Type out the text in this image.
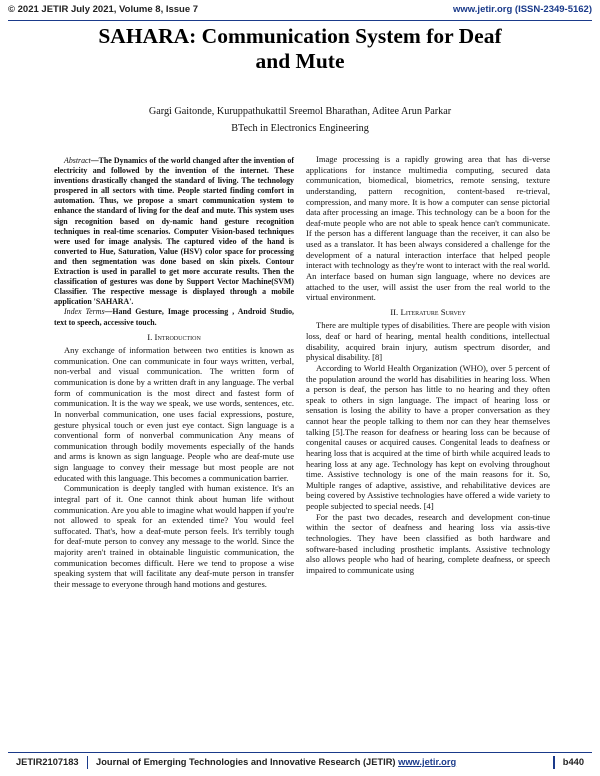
© 2021 JETIR July 2021, Volume 8, Issue 7	www.jetir.org (ISSN-2349-5162)
SAHARA: Communication System for Deaf
and Mute
Gargi Gaitonde, Kuruppathukattil Sreemol Bharathan, Aditee Arun Parkar
BTech in Electronics Engineering

Abstract—The Dynamics of the world changed after the invention of electricity and followed by the invention of the internet. These inventions drastically changed the standard of living. The technology prospered in all sectors with time. People started finding comfort in automation. Thus, we propose a smart communication system to enhance the standard of living for the deaf and mute. This system uses sign recognition based on dy-namic hand gesture recognition techniques in real-time scenarios. Computer Vision-based techniques were used for image analysis. The captured video of the hand is converted to Hue, Saturation, Value (HSV) color space for processing and then segmentation was done based on skin pixels. Contour Extraction is used in parallel to get more accurate results. Then the classification of gestures was done by Support Vector Machine(SVM) Classifier. The respective message is displayed through a mobile application 'SAHARA'.

Index Terms—Hand Gesture, Image processing , Android Studio, text to speech, accessive touch.

I. Introduction

Any exchange of information between two entities is known as communication. One can communicate in four ways written, verbal, non-verbal and visual communication. The written form of communication is done by a written draft in any language. The verbal form of communication is the most direct and fastest form of communication. It is the way we speak, we use words, sentences, etc. In nonverbal communication, one uses facial expressions, posture, gesture physical touch or even just eye contact. Sign language is a conventional form of nonverbal communication Any means of communication through bodily movements especially of the hands and arms is known as sign language. People who are deaf-mute use sign language to convey their message but most people are not educated with this language. This becomes a communication barrier.

Communication is deeply tangled with human existence. It's an integral part of it. One cannot think about human life without communication. Are you able to imagine what would happen if you're not allowed to speak for an extended time? You would feel suffocated. That's, how a deaf-mute person feels. It's terribly tough for deaf-mute person to convey any message to the world. Since the majority aren't trained in obtainable linguistic communication, the communication becomes difficult. Here we tend to propose a wise speaking system that will facilitate any deaf-mute person in transfer their message to everyone through hand motions and gestures.

Image processing is a rapidly growing area that has di-verse applications for instance multimedia computing, secured data communication, biomedical, biometrics, remote sensing, texture understanding, pattern recognition, content-based re-trieval, compression, and many more. It is how a computer can sense pictorial data after processing an image. This technology can be a boon for the deaf-mute people who are not able to speak hence can't communicate. If the person has a different language than the receiver, it can also be used as a translator. It has been always considered a challenge for the development of a natural interaction interface that helped people interact with technology as they're wont to interact with the real world. An interface based on human sign language, where no devices are attached to the user, will assist the user from the real world to the virtual environment.

II. Literature Survey

There are multiple types of disabilities. There are people with vision loss, deaf or hard of hearing, mental health conditions, intellectual disability, acquired brain injury, autism spectrum disorder, and physical disability. [8]

According to World Health Organization (WHO), over 5 percent of the population around the world has disabilities in hearing loss. When a person is deaf, the person has little to no hearing and they often speak to others in sign language. The impact of hearing loss or sensation is losing the ability to have a proper conversation as they cannot hear the people talking to them nor can they hear themselves talking [5].The reason for deafness or hearing loss can be because of congenital causes or acquired causes. Congenital leads to deafness or hearing loss that is acquired at the time of birth while acquired leads to hearing loss at any age. Technology has kept on evolving throughout time. Assistive technology is one of the main reasons for it. So, Multiple ranges of adaptive, assistive, and rehabilitative devices are being covered by Assistive technologies have offered a wide variety to people subjected to special needs. [4]

For the past two decades, research and development con-tinue within the sector of deafness and hearing loss via assis-tive technologies. They have been classified as both hardware and software-based including prosthetic implants. Assistive technology also allows people who had of hearing, complete deafness, or speech impaired to communicate using

JETIR2107183	Journal of Emerging Technologies and Innovative Research (JETIR) www.jetir.org	b440
